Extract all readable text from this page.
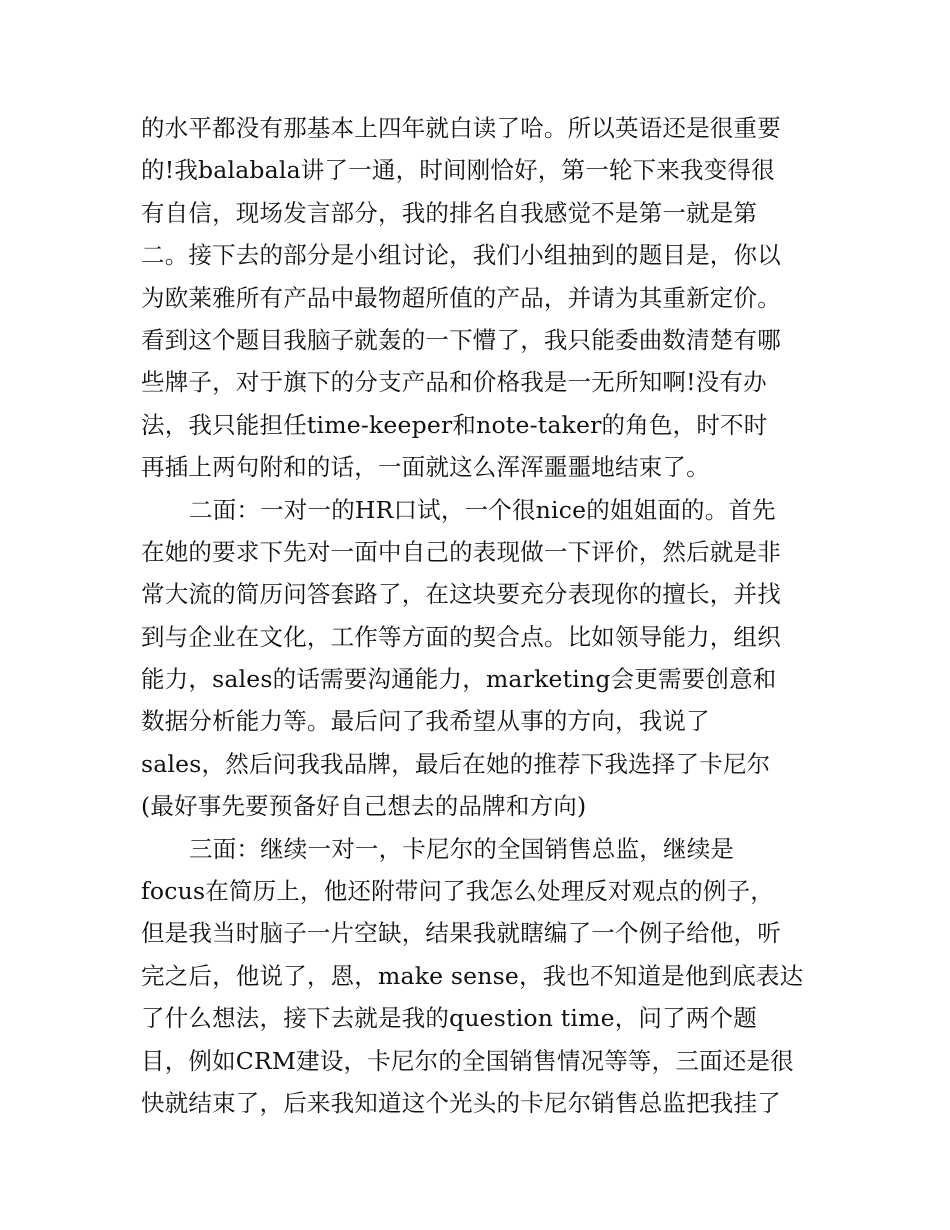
的水平都没有那基本上四年就白读了哈。所以英语还是很重要
的!我balabala讲了一通，时间刚恰好，第一轮下来我变得很
有自信，现场发言部分，我的排名自我感觉不是第一就是第
二。接下去的部分是小组讨论，我们小组抽到的题目是，你以
为欧莱雅所有产品中最物超所值的产品，并请为其重新定价。
看到这个题目我脑子就轰的一下懵了，我只能委曲数清楚有哪
些牌子，对于旗下的分支产品和价格我是一无所知啊!没有办
法，我只能担任time-keeper和note-taker的角色，时不时
再插上两句附和的话，一面就这么浑浑噩噩地结束了。
二面：一对一的HR口试，一个很nice的姐姐面的。首先
在她的要求下先对一面中自己的表现做一下评价，然后就是非
常大流的简历问答套路了，在这块要充分表现你的擅长，并找
到与企业在文化，工作等方面的契合点。比如领导能力，组织
能力，sales的话需要沟通能力，marketing会更需要创意和
数据分析能力等。最后问了我希望从事的方向，我说了
sales，然后问我我品牌，最后在她的推荐下我选择了卡尼尔
(最好事先要预备好自己想去的品牌和方向)
三面：继续一对一，卡尼尔的全国销售总监，继续是
focus在简历上，他还附带问了我怎么处理反对观点的例子，
但是我当时脑子一片空缺，结果我就瞎编了一个例子给他，听
完之后，他说了，恩，make sense，我也不知道是他到底表达
了什么想法，接下去就是我的question time，问了两个题
目，例如CRM建设，卡尼尔的全国销售情况等等，三面还是很
快就结束了，后来我知道这个光头的卡尼尔销售总监把我挂了
